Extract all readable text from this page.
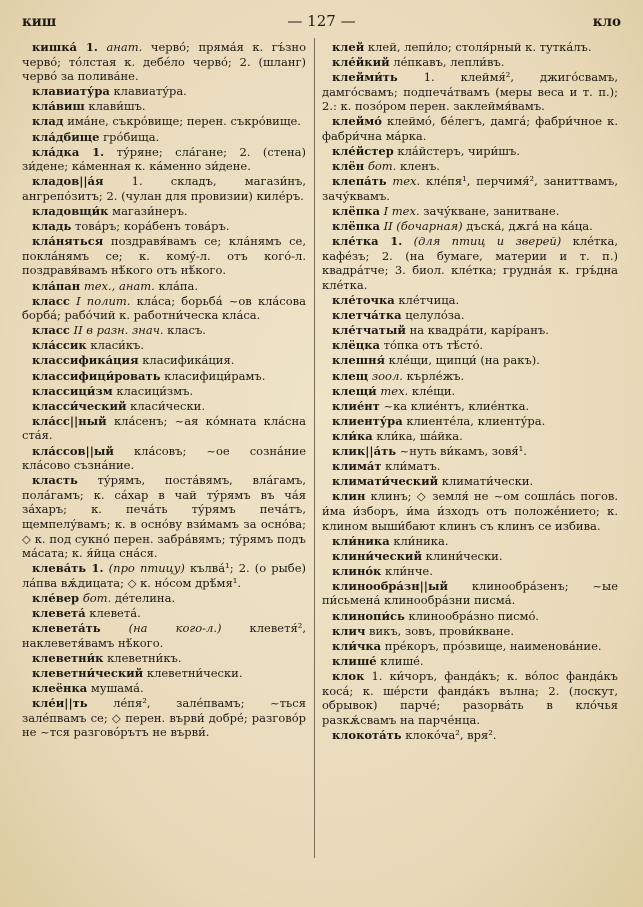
киш	— 127 —	кло

кишка́ 1. анат. червó; прямáя к. гъ́зно червó; тóлстая к. дебéло червó; 2. (шланг) червó за полива́не.

клавиату́ра клавиату́ра.

кла́виш клави́шъ.

клад имáне, съкрóвище; перен. съкрóвище.

кла́дбище грóбища.

кла́дка 1. ту́ряне; сла́гане; 2. (стена) зи́дене; ка́менная к. ка́менно зи́дене.

кладов||а́я 1. складъ, магази́нъ, ангрепóзитъ; 2. (чулан для провизии) килéръ.

кладовщи́к магази́неръ.

кладь товáръ; корáбенъ товáръ.

кла́няться поздравя́вамъ се; кла́нямъ се, поклáнямъ се; к. комý-л. отъ когó-л. поздравя́вамъ нѣ́кого отъ нѣ́кого.

кла́пан тех., анат. клáпа.

класс I полит. клáса; борьбá ~ов клáсова борбá; рабóчий к. работни́ческа клáса.

класс II в разн. знач. класъ.

кла́ссик класи́къ.

классифика́ция класифика́ция.

классифици́ровать класифици́рамъ.

классици́зм класици́змъ.

класси́ческий класи́чески.

кла́сс||ный клáсенъ; ~ая кóмната кла́сна ста́я.

кла́ссов||ый клáсовъ; ~ое сознáние клáсово съзнáние.

класть ту́рямъ, постáвямъ, влáгамъ, полáгамъ; к. сáхар в чай ту́рямъ въ чáя зáхаръ; к. печáть ту́рямъ печáтъ, щемпелу́вамъ; к. в оснóву взи́мамъ за оснóва; ◇ к. под сукнó перен. забрáвямъ; ту́рямъ подъ мáсата; к. я́йца снáся.

клева́ть 1. (про птицу) кълвá¹; 2. (о рыбе) лáпва вѫ́дицата; ◇ к. нóсом дрѣ́мя¹.

кле́вер бот. дéтелина.

клевета́ клеветá.

клевета́ть (на кого-л.) клеветя́², наклеветя́вамъ нѣ́кого.

клеветни́к клеветни́къ.

клеветни́ческий клеветни́чески.

клеёнка мушамá.

кле́и||ть лéпя², залéпвамъ; ~ться залéпвамъ се; ◇ перен. върви́ добрé; разговóр не ~тся разговóрътъ не върви́.

клей клей, лепи́ло; столя́рный к. туткáлъ.

кле́йкий лéпкавъ, лепли́въ.

клейми́ть 1. клеймя́², джигóсвамъ, дамгóсвамъ; подпечáтвамъ (меры веса и т. п.); 2.: к. позóром перен. заклеймя́вамъ.

клеймо́ клеймó, бéлегъ, дамгá; фабри́чное к. фабри́чна мáрка.

кле́йстер клáйстеръ, чири́шъ.

клён бот. кленъ.

клепа́ть тех. клéпя¹, перчимя́², заниттвамъ, зачу́квамъ.

клёпка I тех. зачу́кване, занитване.

клёпка II (бочарная) дъскá, дѫгá на кáца.

кле́тка 1. (для птиц и зверей) клéтка, кафéзъ; 2. (на бумаге, материи и т. п.) квадрáтче; 3. биол. клéтка; грудна́я к. гръ́дна клéтка.

кле́точка клéтчица.

клетча́тка целулóза.

кле́тчатый на квадрáти, карíранъ.

клёцка тóпка отъ тѣ́стó.

клешня́ клéщи, щипци́ (на ракъ).

клещ зоол. кърлéжъ.

клещи́ тех. клéщи.

клие́нт ~ка клиéнтъ, клиéнтка.

клиенту́ра клиентéла, клиенту́ра.

кли́ка кли́ка, шáйка.

клик||а́ть ~нуть ви́камъ, зовя́¹.

клима́т кли́матъ.

климати́ческий климати́чески.

клин клинъ; ◇ земля́ не ~ом сошлáсь погов. и́ма и́зборъ, и́ма и́зходъ отъ положéнието; к. клином выши́бают клинъ съ клинъ се избива.

кли́ника кли́ника.

клини́ческий клини́чески.

клино́к кли́нче.

клинообра́зн||ый клинообрáзенъ; ~ые пи́сьмена́ клинообрáзни писмá.

клинопи́сь клинообрáзно писмó.

клич викъ, зовъ, прови́кване.

кли́чка прéкоръ, прóзвище, наименовáние.

клише́ клишé.

клок 1. ки́чоръ, фандáкъ; к. вóлос фандáкъ косá; к. шéрсти фандáкъ вълна; 2. (лоскут, обрывок) парчé; разорва́ть в клóчья разкѫ́свамъ на парчéнца.

клокота́ть клокóча², вря².
